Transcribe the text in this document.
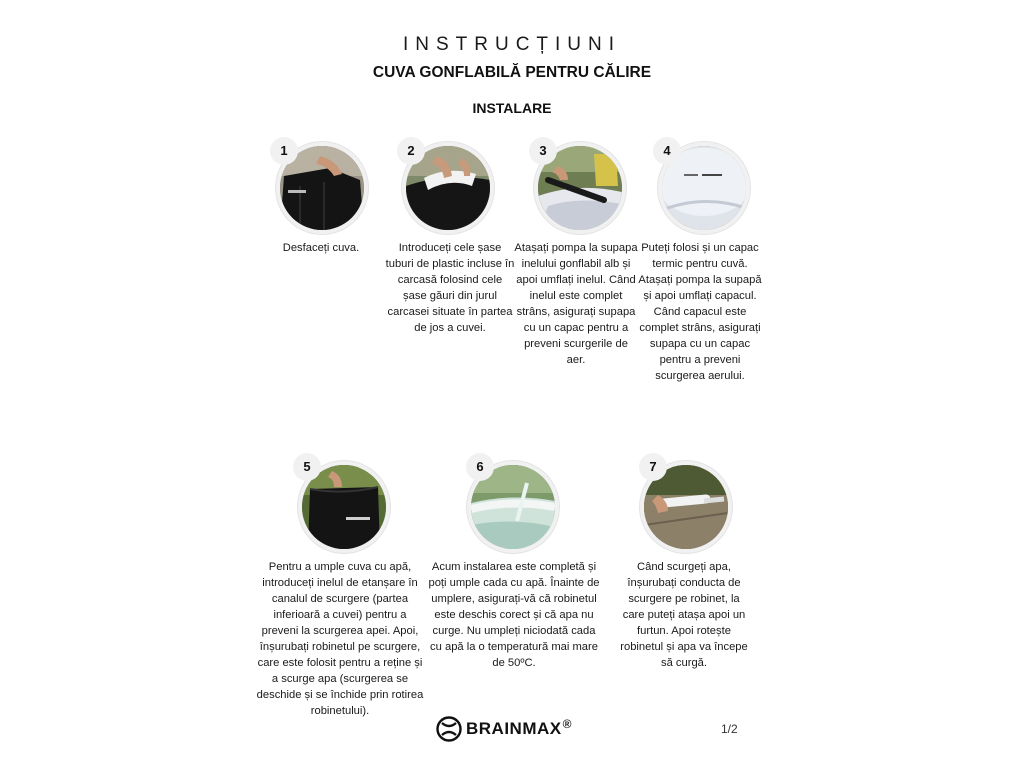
INSTRUCȚIUNI
CUVA GONFLABILĂ PENTRU CĂLIRE
INSTALARE
1
Desfaceți cuva.
2
Introduceți cele șase tuburi de plastic incluse în carcasă folosind cele șase găuri din jurul carcasei situate în partea de jos a cuvei.
3
Atașați pompa la supapa inelului gonflabil alb și apoi umflați inelul. Când inelul este complet strâns, asigurați supapa cu un capac pentru a preveni scurgerile de aer.
4
Puteți folosi și un capac termic pentru cuvă. Atașați pompa la supapă și apoi umflați capacul. Când capacul este complet strâns, asigurați supapa cu un capac pentru a preveni scurgerea aerului.
5
Pentru a umple cuva cu apă, introduceți inelul de etanșare în canalul de scurgere (partea inferioară a cuvei) pentru a preveni la scurgerea apei. Apoi, înșurubați robinetul pe scurgere, care este folosit pentru a reține și a scurge apa (scurgerea se deschide și se închide prin rotirea robinetului).
6
Acum instalarea este completă și poți umple cada cu apă. Înainte de umplere, asigurați-vă că robinetul este deschis corect și că apa nu curge. Nu umpleți niciodată cada cu apă la o temperatură mai mare de 50ºC.
7
Când scurgeți apa, înșurubați conducta de scurgere pe robinet, la care puteți atașa apoi un furtun. Apoi rotește robinetul și apa va începe să curgă.
BRAINMAX ®	1/2
